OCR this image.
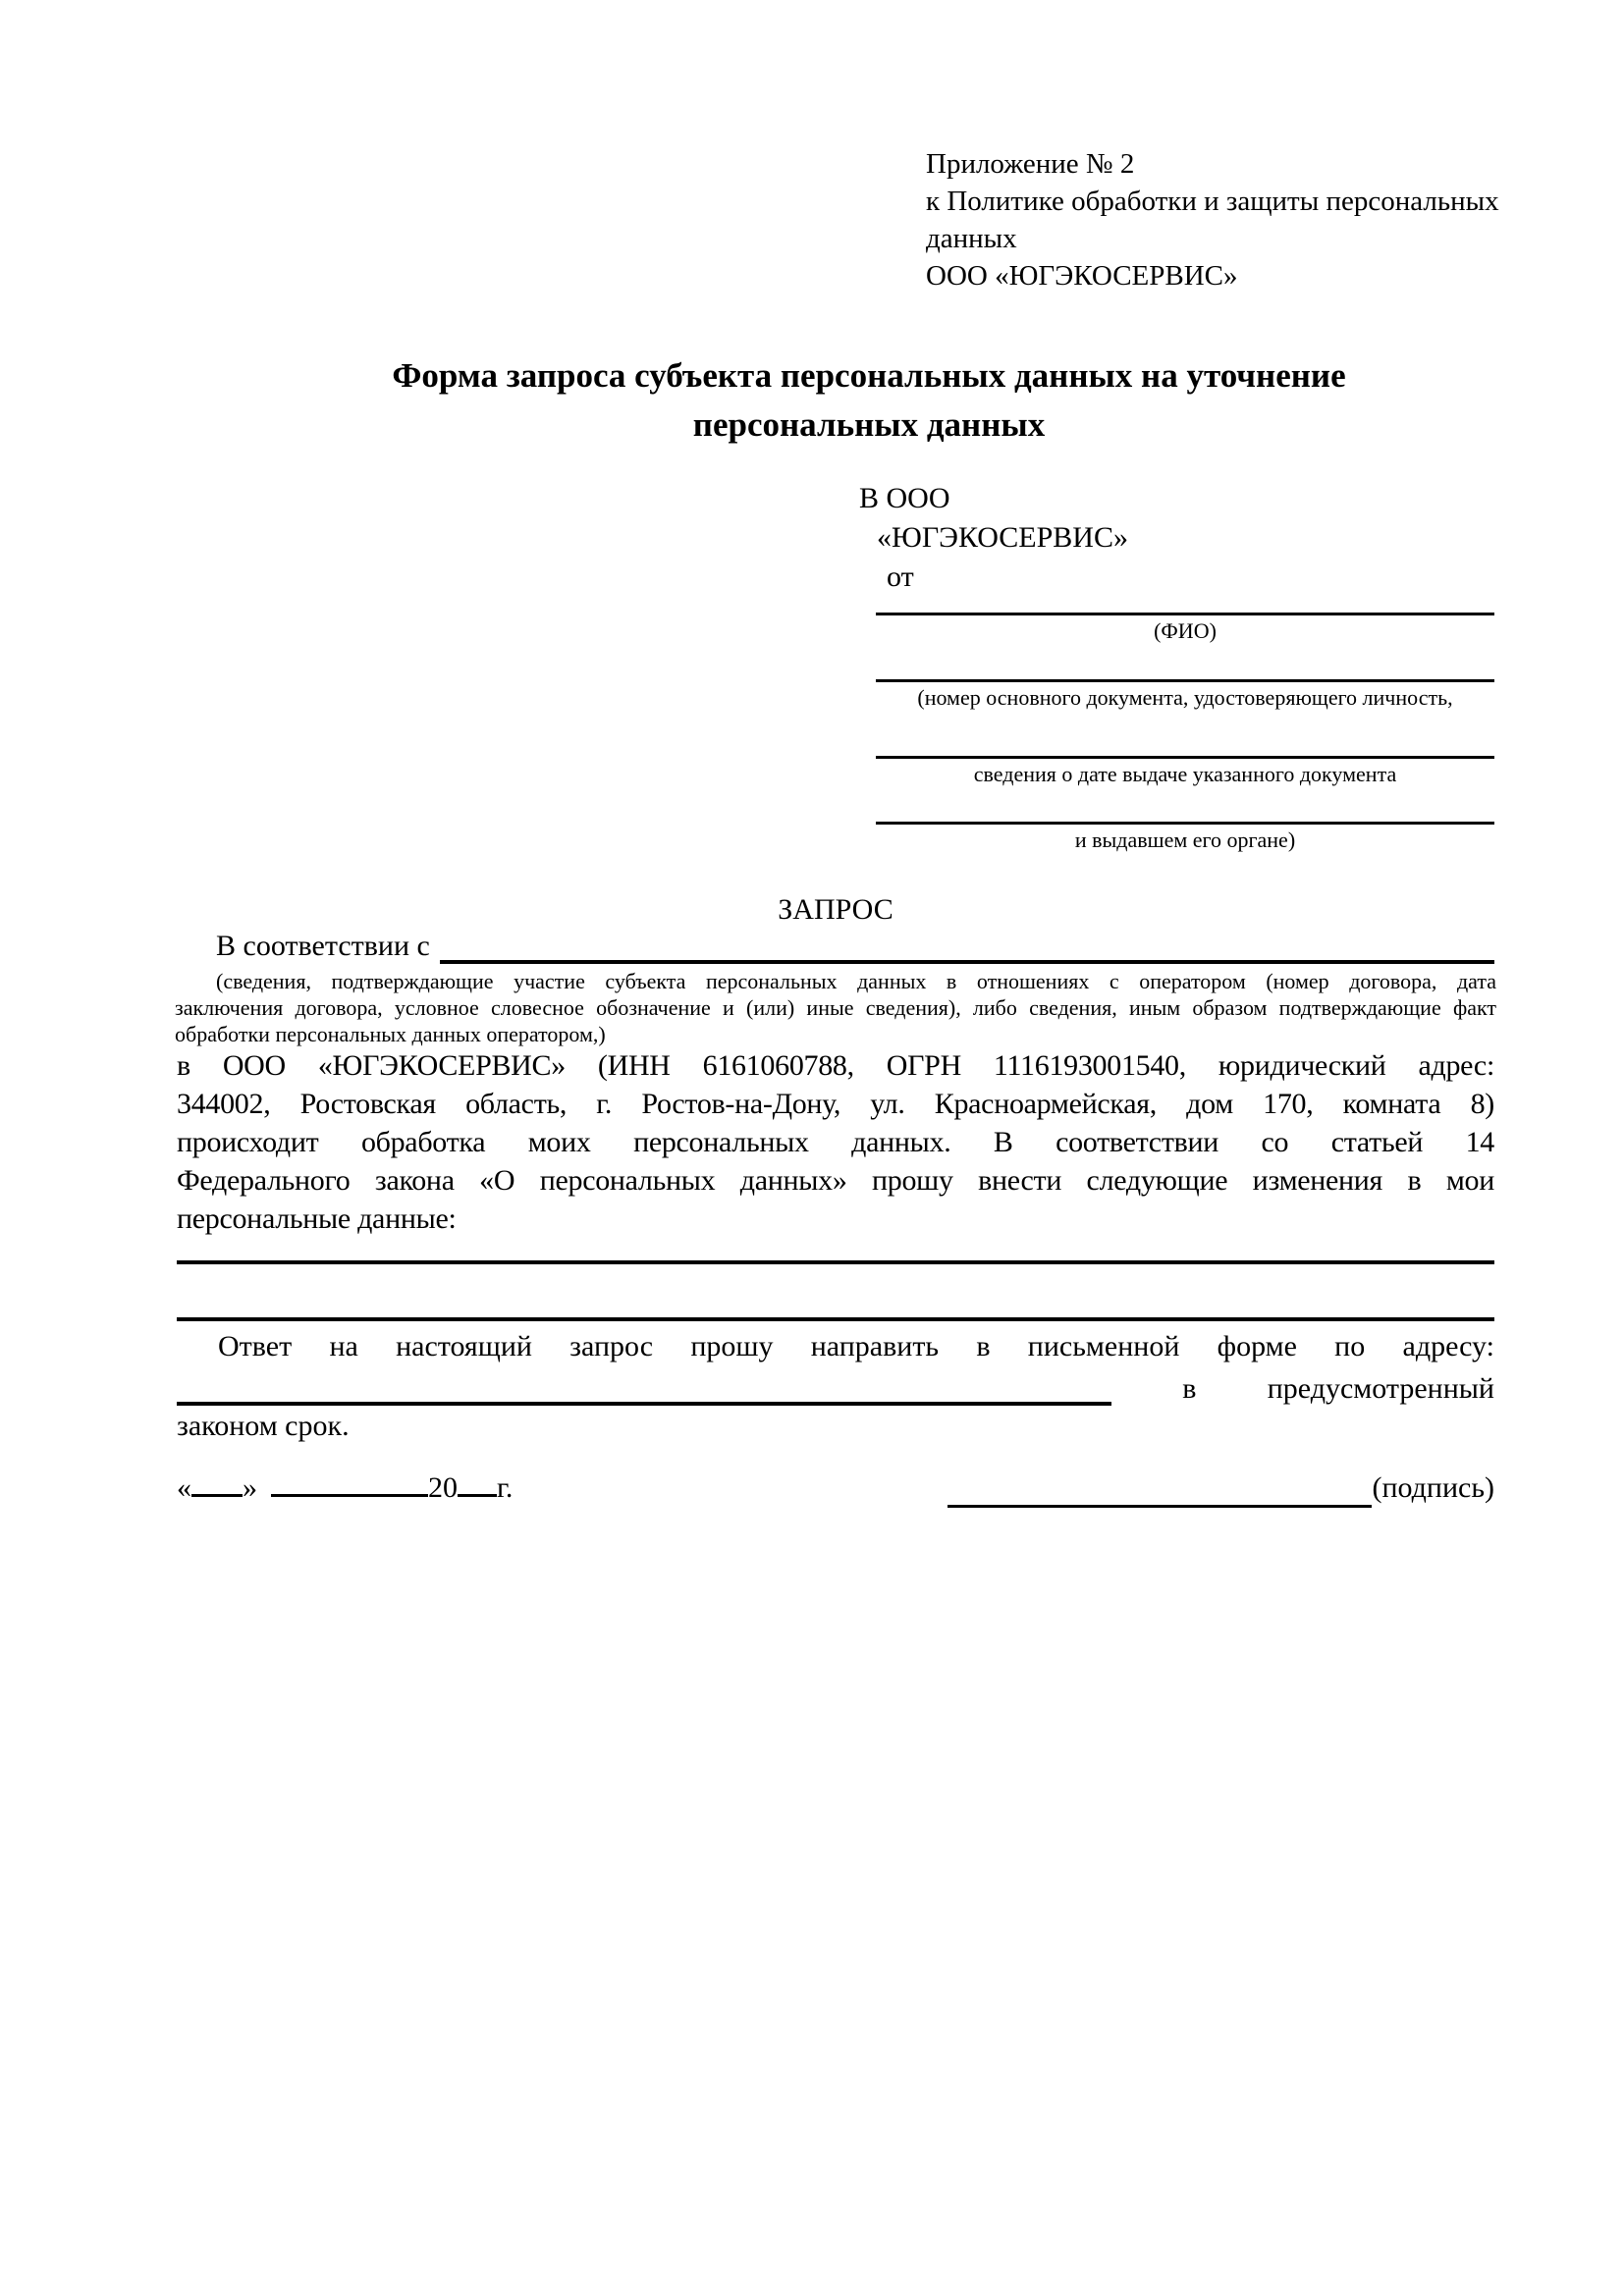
Приложение № 2
к Политике обработки и защиты персональных
данных
ООО «ЮГЭКОСЕРВИС»
Форма запроса субъекта персональных данных на уточнение
персональных данных
В ООО
«ЮГЭКОСЕРВИС»
от
(ФИО)
(номер основного документа, удостоверяющего личность,
сведения о дате выдаче указанного документа
и выдавшем его органе)
ЗАПРОС
В соответствии с
(сведения, подтверждающие участие субъекта персональных данных в отношениях с оператором (номер договора, дата
заключения договора, условное словесное обозначение и (или) иные сведения), либо сведения, иным образом подтверждающие факт
обработки персональных данных оператором,)
в ООО «ЮГЭКОСЕРВИС» (ИНН 6161060788, ОГРН 1116193001540, юридический адрес:
344002, Ростовская область, г. Ростов-на-Дону, ул. Красноармейская, дом 170, комната 8)
происходит обработка моих персональных данных. В соответствии со статьей 14
Федерального закона «О персональных данных» прошу внести следующие изменения в мои
персональные данные:
Ответ на настоящий запрос прошу направить в письменной форме по адресу:
в предусмотренный
законом срок.
« »	20 г.	(подпись)
